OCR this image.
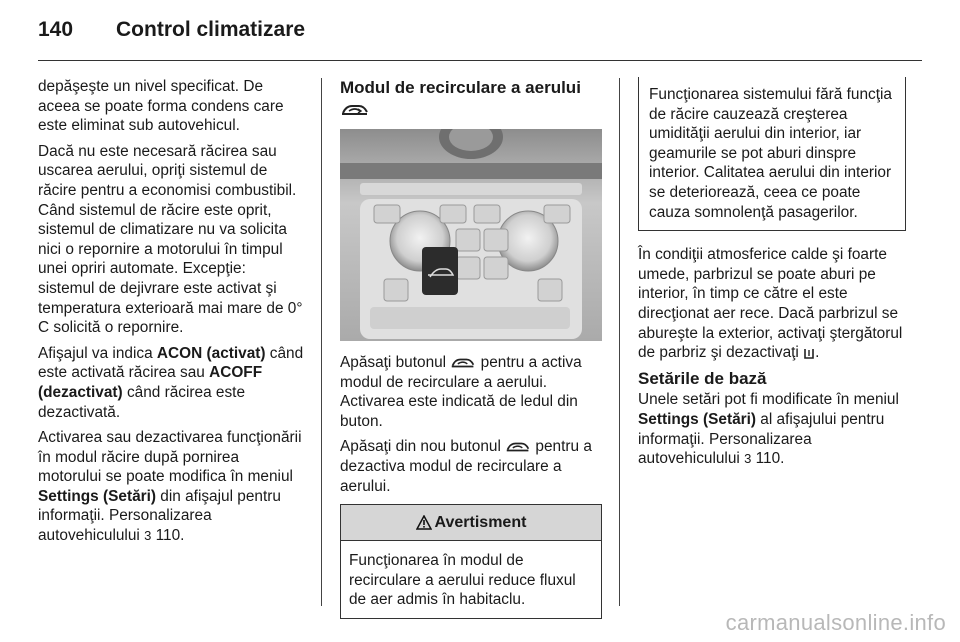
140	Control climatizare

depăşeşte un nivel specificat. De aceea se poate forma condens care este eliminat sub autovehicul.

Dacă nu este necesară răcirea sau uscarea aerului, opriţi sistemul de răcire pentru a economisi combustibil. Când sistemul de răcire este oprit, sistemul de climatizare nu va solicita nici o repornire a motorului în timpul unei opriri automate. Excepţie: sistemul de dejivrare este activat şi temperatura exterioară mai mare de 0° C solicită o repornire.

Afişajul va indica ACON (activat) când este activată răcirea sau ACOFF (dezactivat) când răcirea este dezactivată.

Activarea sau dezactivarea funcţionării în modul răcire după pornirea motorului se poate modifica în meniul Settings (Setări) din afişajul pentru informaţii. Personalizarea autovehiculului 3 110.

Modul de recirculare a aerului

Apăsaţi butonul  pentru a activa modul de recirculare a aerului. Activarea este indicată de ledul din buton.

Apăsaţi din nou butonul  pentru a dezactiva modul de recirculare a aerului.

Avertisment
Funcţionarea în modul de recirculare a aerului reduce fluxul de aer admis în habitaclu.
Funcţionarea sistemului fără funcţia de răcire cauzează creşterea umidităţii aerului din interior, iar geamurile se pot aburi dinspre interior. Calitatea aerului din interior se deteriorează, ceea ce poate cauza somnolenţă pasagerilor.

În condiţii atmosferice calde şi foarte umede, parbrizul se poate aburi pe interior, în timp ce către el este direcţionat aer rece. Dacă parbrizul se abureşte la exterior, activaţi ştergătorul de parbriz şi dezactivaţi .

Setările de bază

Unele setări pot fi modificate în meniul Settings (Setări) al afişajului pentru informaţii. Personalizarea autovehiculului 3 110.

carmanualsonline.info
